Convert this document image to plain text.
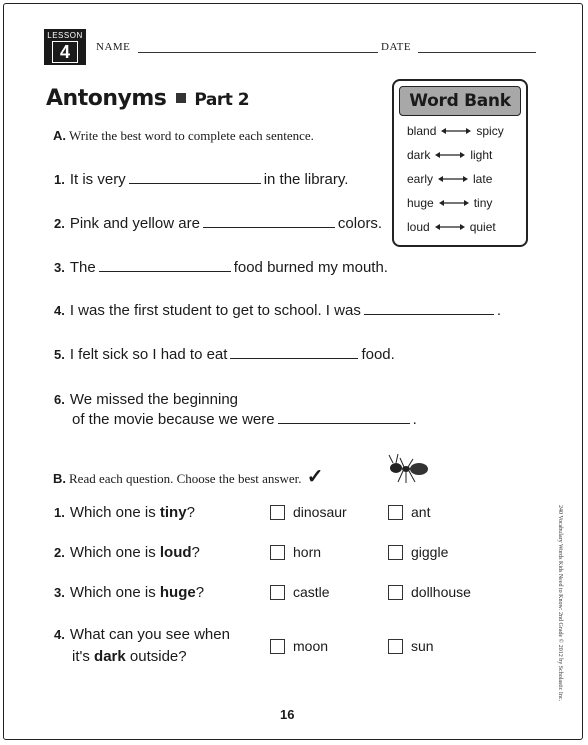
LESSON
4	NAME	DATE
Antonyms Part 2	Word Bank
bland	spicy
dark	light
early	late
huge	tiny
loud	quiet
A. Write the best word to complete each sentence.
1. It is very	in the library.
2. Pink and yellow are	colors.
3. The	food burned my mouth.
4. I was the first student to get to school. I was	.
5. I felt sick so I had to eat	food.
6. We missed the beginning
of the movie because we were	.
B. Read each question. Choose the best answer. ✓
1. Which one is tiny?	dinosaur	ant
2. Which one is loud?	horn	giggle
3. Which one is huge?	castle	dollhouse
4. What can you see when
it's dark outside?
moon	sun	240 Vocabulary Words Kids Need to Know: 2nd Grade © 2012 by Scholastic Inc.
16
